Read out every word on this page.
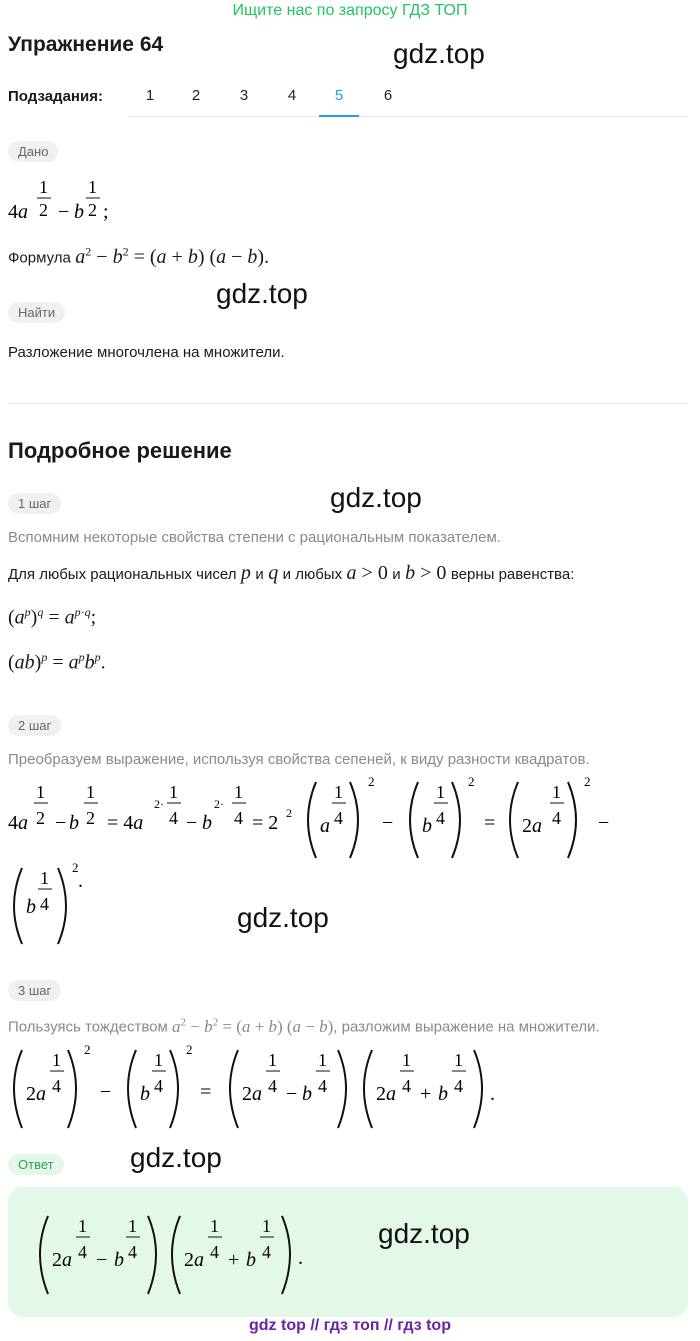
Ищите нас по запросу ГДЗ ТОП
Упражнение 64	gdz.top
Подзадания:	1	2	3	4	5	6
Дано
4a
1
2 − b
1
2 ;
Формула $a^2 - b^2 = (a + b) (a - b)$.
gdz.top
Найти
Разложение многочлена на множители.
Подробное решение
gdz.top
1 шаг
Вспомним некоторые свойства степени с рациональным показателем.
Для любых рациональных чисел p и q и любых a > 0 и b > 0 верны равенства:
$(a^p)^q = a^{p\cdot q}$;
$(ab)^p = a^pb^p$.
2 шаг
Преобразуем выражение, используя свойства сепеней, к виду разности квадратов.
4a
1
2 − b
1
2 = 4a
2·
1
4 − b
2·
1
4 = 2 2
a
1
4
2
− b
1
4
2
= 2a
1
4
2
−
b
1
4
2
.
gdz.top
3 шаг
Пользуясь тождеством $a^2 - b^2 = (a + b) (a - b)$, разложим выражение на множители.
2a
1
4
2
− b
1
4
2
= 2a
1
4 − b
1
4 2a
1
4 + b
1
4 .
Ответ	gdz.top
2a
1
4 − b
1
4 2a
1
4 + b
1
4 .
gdz.top
gdz top // гдз топ // гдз top
